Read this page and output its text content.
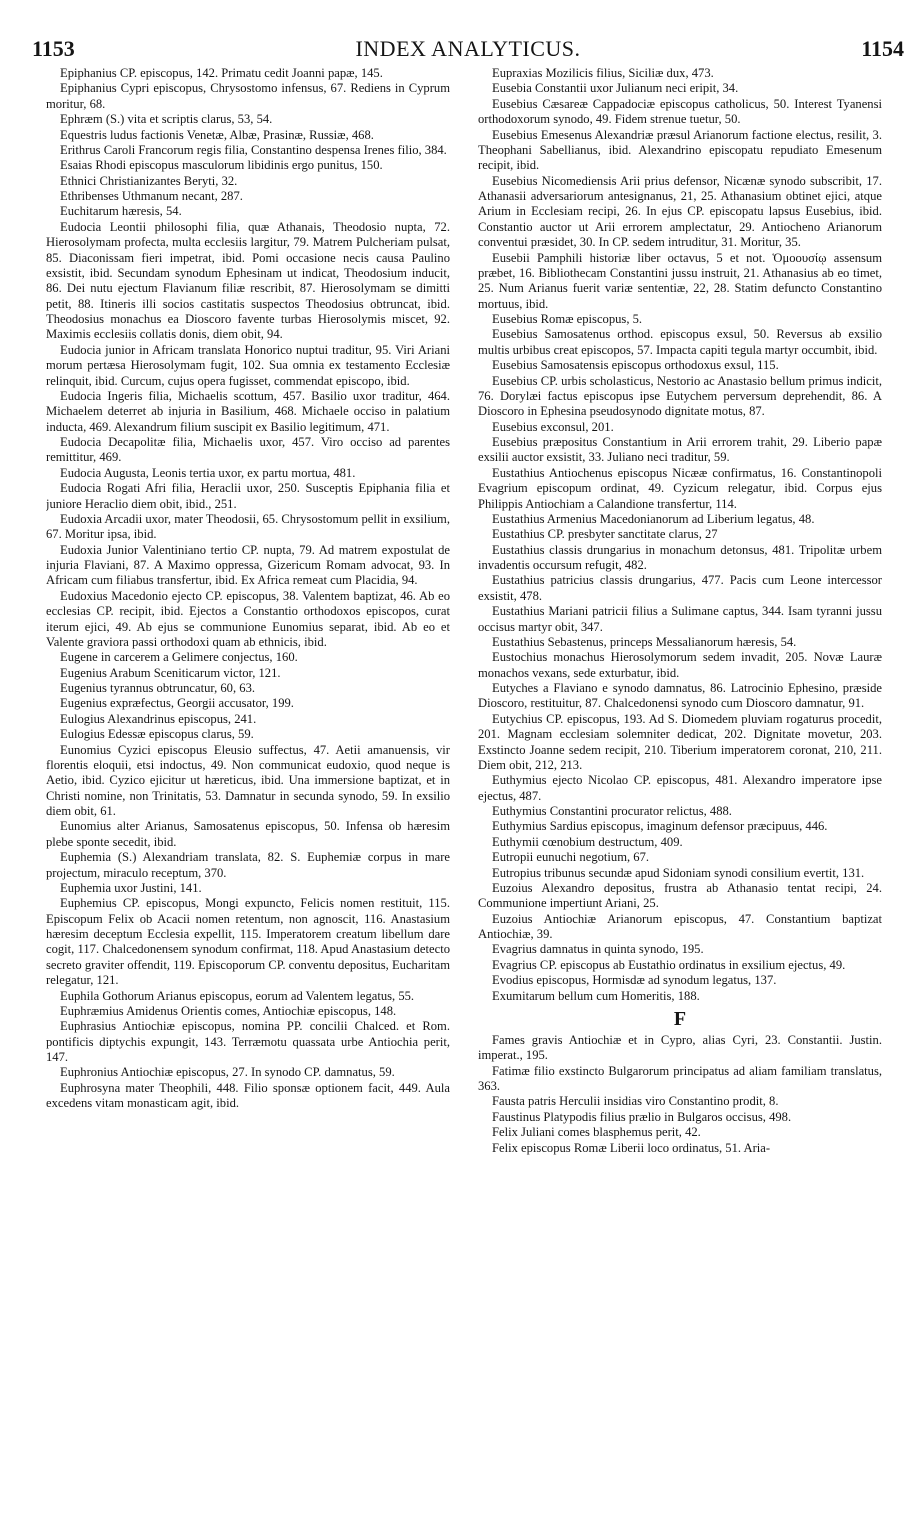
1153	INDEX ANALYTICUS.	1154

Epiphanius CP. episcopus, 142. Primatu cedit Joanni papæ, 145.

Epiphanius Cypri episcopus, Chrysostomo infensus, 67. Rediens in Cyprum moritur, 68.

Ephræm (S.) vita et scriptis clarus, 53, 54.

Equestris ludus factionis Venetæ, Albæ, Prasinæ, Russiæ, 468.

Erithrus Caroli Francorum regis filia, Constantino despensa Irenes filio, 384.

Esaias Rhodi episcopus masculorum libidinis ergo punitus, 150.

Ethnici Christianizantes Beryti, 32.

Ethribenses Uthmanum necant, 287.

Euchitarum hæresis, 54.

Eudocia Leontii philosophi filia, quæ Athanais, Theodosio nupta, 72. Hierosolymam profecta, multa ecclesiis largitur, 79. Matrem Pulcheriam pulsat, 85. Diaconissam fieri impetrat, ibid. Pomi occasione necis causa Paulino exsistit, ibid. Secundam synodum Ephesinam ut indicat, Theodosium inducit, 86. Dei nutu ejectum Flavianum filiæ rescribit, 87. Hierosolymam se dimitti petit, 88. Itineris illi socios castitatis suspectos Theodosius obtruncat, ibid. Theodosius monachus ea Dioscoro favente turbas Hierosolymis miscet, 92. Maximis ecclesiis collatis donis, diem obit, 94.

Eudocia junior in Africam translata Honorico nuptui traditur, 95. Viri Ariani morum pertæsa Hierosolymam fugit, 102. Sua omnia ex testamento Ecclesiæ relinquit, ibid. Curcum, cujus opera fugisset, commendat episcopo, ibid.

Eudocia Ingeris filia, Michaelis scottum, 457. Basilio uxor traditur, 464. Michaelem deterret ab injuria in Basilium, 468. Michaele occiso in palatium inducta, 469. Alexandrum filium suscipit ex Basilio legitimum, 471.

Eudocia Decapolitæ filia, Michaelis uxor, 457. Viro occiso ad parentes remittitur, 469.

Eudocia Augusta, Leonis tertia uxor, ex partu mortua, 481.

Eudocia Rogati Afri filia, Heraclii uxor, 250. Susceptis Epiphania filia et juniore Heraclio diem obit, ibid., 251.

Eudoxia Arcadii uxor, mater Theodosii, 65. Chrysostomum pellit in exsilium, 67. Moritur ipsa, ibid.

Eudoxia Junior Valentiniano tertio CP. nupta, 79. Ad matrem expostulat de injuria Flaviani, 87. A Maximo oppressa, Gizericum Romam advocat, 93. In Africam cum filiabus transfertur, ibid. Ex Africa remeat cum Placidia, 94.

Eudoxius Macedonio ejecto CP. episcopus, 38. Valentem baptizat, 46. Ab eo ecclesias CP. recipit, ibid. Ejectos a Constantio orthodoxos episcopos, curat iterum ejici, 49. Ab ejus se communione Eunomius separat, ibid. Ab eo et Valente graviora passi orthodoxi quam ab ethnicis, ibid.

Eugene in carcerem a Gelimere conjectus, 160.

Eugenius Arabum Sceniticarum victor, 121.

Eugenius tyrannus obtruncatur, 60, 63.

Eugenius expræfectus, Georgii accusator, 199.

Eulogius Alexandrinus episcopus, 241.

Eulogius Edessæ episcopus clarus, 59.

Eunomius Cyzici episcopus Eleusio suffectus, 47. Aetii amanuensis, vir florentis eloquii, etsi indoctus, 49. Non communicat eudoxio, quod neque is Aetio, ibid. Cyzico ejicitur ut hæreticus, ibid. Una immersione baptizat, et in Christi nomine, non Trinitatis, 53. Damnatur in secunda synodo, 59. In exsilio diem obit, 61.

Eunomius alter Arianus, Samosatenus episcopus, 50. Infensa ob hæresim plebe sponte secedit, ibid.

Euphemia (S.) Alexandriam translata, 82. S. Euphemiæ corpus in mare projectum, miraculo receptum, 370.

Euphemia uxor Justini, 141.

Euphemius CP. episcopus, Mongi expuncto, Felicis nomen restituit, 115. Episcopum Felix ob Acacii nomen retentum, non agnoscit, 116. Anastasium hæresim deceptum Ecclesia expellit, 115. Imperatorem creatum libellum dare cogit, 117. Chalcedonensem synodum confirmat, 118. Apud Anastasium detecto secreto graviter offendit, 119. Episcoporum CP. conventu depositus, Eucharitam relegatur, 121.

Euphila Gothorum Arianus episcopus, eorum ad Valentem legatus, 55.

Euphræmius Amidenus Orientis comes, Antiochiæ episcopus, 148.

Euphrasius Antiochiæ episcopus, nomina PP. concilii Chalced. et Rom. pontificis diptychis expungit, 143. Terræmotu quassata urbe Antiochia perit, 147.

Euphronius Antiochiæ episcopus, 27. In synodo CP. damnatus, 59.

Euphrosyna mater Theophili, 448. Filio sponsæ optionem facit, 449. Aula excedens vitam monasticam agit, ibid.

Eupraxias Mozilicis filius, Siciliæ dux, 473.

Eusebia Constantii uxor Julianum neci eripit, 34.

Eusebius Cæsareæ Cappadociæ episcopus catholicus, 50. Interest Tyanensi orthodoxorum synodo, 49. Fidem strenue tuetur, 50.

Eusebius Emesenus Alexandriæ præsul Arianorum factione electus, resilit, 3. Theophani Sabellianus, ibid. Alexandrino episcopatu repudiato Emesenum recipit, ibid.

Eusebius Nicomediensis Arii prius defensor, Nicænæ synodo subscribit, 17. Athanasii adversariorum antesignanus, 21, 25. Athanasium obtinet ejici, atque Arium in Ecclesiam recipi, 26. In ejus CP. episcopatu lapsus Eusebius, ibid. Constantio auctor ut Arii errorem amplectatur, 29. Antiocheno Arianorum conventui præsidet, 30. In CP. sedem intruditur, 31. Moritur, 35.

Eusebii Pamphili historiæ liber octavus, 5 et not. Ὁμοουσίῳ assensum præbet, 16. Bibliothecam Constantini jussu instruit, 21. Athanasius ab eo timet, 25. Num Arianus fuerit variæ sententiæ, 22, 28. Statim defuncto Constantino mortuus, ibid.

Eusebius Romæ episcopus, 5.

Eusebius Samosatenus orthod. episcopus exsul, 50. Reversus ab exsilio multis urbibus creat episcopos, 57. Impacta capiti tegula martyr occumbit, ibid.

Eusebius Samosatensis episcopus orthodoxus exsul, 115.

Eusebius CP. urbis scholasticus, Nestorio ac Anastasio bellum primus indicit, 76. Dorylæi factus episcopus ipse Eutychem perversum deprehendit, 86. A Dioscoro in Ephesina pseudosynodo dignitate motus, 87.

Eusebius exconsul, 201.

Eusebius præpositus Constantium in Arii errorem trahit, 29. Liberio papæ exsilii auctor exsistit, 33. Juliano neci traditur, 59.

Eustathius Antiochenus episcopus Nicææ confirmatus, 16. Constantinopoli Evagrium episcopum ordinat, 49. Cyzicum relegatur, ibid. Corpus ejus Philippis Antiochiam a Calandione transfertur, 114.

Eustathius Armenius Macedonianorum ad Liberium legatus, 48.

Eustathius CP. presbyter sanctitate clarus, 27

Eustathius classis drungarius in monachum detonsus, 481. Tripolitæ urbem invadentis occursum refugit, 482.

Eustathius patricius classis drungarius, 477. Pacis cum Leone intercessor exsistit, 478.

Eustathius Mariani patricii filius a Sulimane captus, 344. Isam tyranni jussu occisus martyr obit, 347.

Eustathius Sebastenus, princeps Messalianorum hæresis, 54.

Eustochius monachus Hierosolymorum sedem invadit, 205. Novæ Lauræ monachos vexans, sede exturbatur, ibid.

Eutyches a Flaviano e synodo damnatus, 86. Latrocinio Ephesino, præside Dioscoro, restituitur, 87. Chalcedonensi synodo cum Dioscoro damnatur, 91.

Eutychius CP. episcopus, 193. Ad S. Diomedem pluviam rogaturus procedit, 201. Magnam ecclesiam solemniter dedicat, 202. Dignitate movetur, 203. Exstincto Joanne sedem recipit, 210. Tiberium imperatorem coronat, 210, 211. Diem obit, 212, 213.

Euthymius ejecto Nicolao CP. episcopus, 481. Alexandro imperatore ipse ejectus, 487.

Euthymius Constantini procurator relictus, 488.

Euthymius Sardius episcopus, imaginum defensor præcipuus, 446.

Euthymii cœnobium destructum, 409.

Eutropii eunuchi negotium, 67.

Eutropius tribunus secundæ apud Sidoniam synodi consilium evertit, 131.

Euzoius Alexandro depositus, frustra ab Athanasio tentat recipi, 24. Communione impertiunt Ariani, 25.

Euzoius Antiochiæ Arianorum episcopus, 47. Constantium baptizat Antiochiæ, 39.

Evagrius damnatus in quinta synodo, 195.

Evagrius CP. episcopus ab Eustathio ordinatus in exsilium ejectus, 49.

Evodius episcopus, Hormisdæ ad synodum legatus, 137.

Exumitarum bellum cum Homeritis, 188.

F

Fames gravis Antiochiæ et in Cypro, alias Cyri, 23. Constantii. Justin. imperat., 195.

Fatimæ filio exstincto Bulgarorum principatus ad aliam familiam translatus, 363.

Fausta patris Herculii insidias viro Constantino prodit, 8.

Faustinus Platypodis filius prælio in Bulgaros occisus, 498.

Felix Juliani comes blasphemus perit, 42.

Felix episcopus Romæ Liberii loco ordinatus, 51. Aria-
